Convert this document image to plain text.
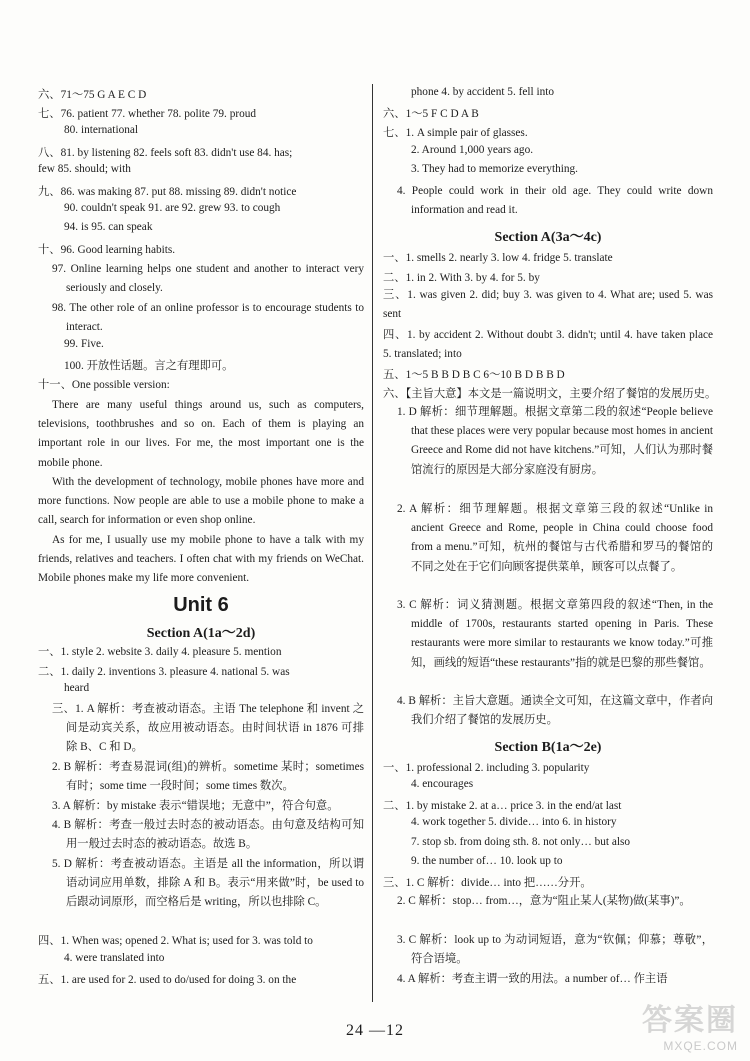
六、71～75 G A E C D
七、76. patient 77. whether 78. polite 79. proud
80. international
八、81. by listening 82. feels soft 83. didn't use 84. has;
few 85. should; with
九、86. was making 87. put 88. missing 89. didn't notice
90. couldn't speak 91. are 92. grew 93. to cough
94. is 95. can speak
十、96. Good learning habits.
97. Online learning helps one student and another to interact very seriously and closely.
98. The other role of an online professor is to encourage students to interact.
99. Five.
100. 开放性话题。言之有理即可。
十一、One possible version:
There are many useful things around us, such as computers, televisions, toothbrushes and so on. Each of them is playing an important role in our lives. For me, the most important one is the mobile phone.
With the development of technology, mobile phones have more and more functions. Now people are able to use a mobile phone to make a call, search for information or even shop online.
As for me, I usually use my mobile phone to have a talk with my friends, relatives and teachers. I often chat with my friends on WeChat. Mobile phones make my life more convenient.
Unit 6
Section A(1a～2d)
一、1. style 2. website 3. daily 4. pleasure 5. mention
二、1. daily 2. inventions 3. pleasure 4. national 5. was
heard
三、1. A 解析：考查被动语态。主语 The telephone 和 invent 之间是动宾关系，故应用被动语态。由时间状语 in 1876 可排除 B、C 和 D。
2. B 解析：考查易混词(组)的辨析。sometime 某时；sometimes 有时；some time 一段时间；some times 数次。
3. A 解析：by mistake 表示“错误地；无意中”，符合句意。
4. B 解析：考查一般过去时态的被动语态。由句意及结构可知用一般过去时态的被动语态。故选 B。
5. D 解析：考查被动语态。主语是 all the information，所以谓语动词应用单数，排除 A 和 B。表示“用来做”时，be used to 后跟动词原形，而空格后是 writing，所以也排除 C。
四、1. When was; opened 2. What is; used for 3. was told to
4. were translated into
五、1. are used for 2. used to do/used for doing 3. on the
phone 4. by accident 5. fell into
六、1～5 F C D A B
七、1. A simple pair of glasses.
2. Around 1,000 years ago.
3. They had to memorize everything.
4. People could work in their old age. They could write down information and read it.
Section A(3a～4c)
一、1. smells 2. nearly 3. low 4. fridge 5. translate
二、1. in 2. With 3. by 4. for 5. by
三、1. was given 2. did; buy 3. was given to 4. What are; used 5. was sent
四、1. by accident 2. Without doubt 3. didn't; until 4. have taken place 5. translated; into
五、1～5 B B D B C 6～10 B D B B D
六、【主旨大意】本文是一篇说明文，主要介绍了餐馆的发展历史。
1. D 解析：细节理解题。根据文章第二段的叙述“People believe that these places were very popular because most homes in ancient Greece and Rome did not have kitchens.”可知，人们认为那时餐馆流行的原因是大部分家庭没有厨房。
2. A 解析：细节理解题。根据文章第三段的叙述“Unlike in ancient Greece and Rome, people in China could choose food from a menu.”可知，杭州的餐馆与古代希腊和罗马的餐馆的不同之处在于它们向顾客提供菜单，顾客可以点餐了。
3. C 解析：词义猜测题。根据文章第四段的叙述“Then, in the middle of 1700s, restaurants started opening in Paris. These restaurants were more similar to restaurants we know today.”可推知，画线的短语“these restaurants”指的就是巴黎的那些餐馆。
4. B 解析：主旨大意题。通读全文可知，在这篇文章中，作者向我们介绍了餐馆的发展历史。
Section B(1a～2e)
一、1. professional 2. including 3. popularity
4. encourages
二、1. by mistake 2. at a… price 3. in the end/at last
4. work together 5. divide… into 6. in history
7. stop sb. from doing sth. 8. not only… but also
9. the number of… 10. look up to
三、1. C 解析：divide… into 把……分开。
2. C 解析：stop… from…，意为“阻止某人(某物)做(某事)”。
3. C 解析：look up to 为动词短语，意为“钦佩；仰慕；尊敬”，符合语境。
4. A 解析：考查主谓一致的用法。a number of… 作主语
24 —12	答案圈
MXQE.COM
